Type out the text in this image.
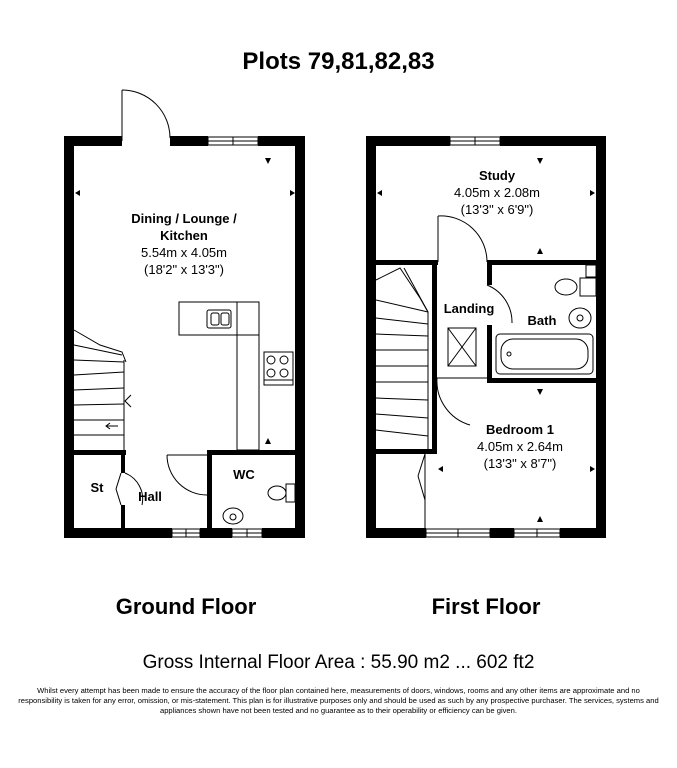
Plots 79,81,82,83
Dining / Lounge /
Kitchen
5.54m x 4.05m
(18'2" x 13'3")
St
Hall
WC
Study
4.05m x 2.08m
(13'3" x 6'9")
Landing
Bath
Bedroom 1
4.05m x 2.64m
(13'3" x 8'7")
Ground Floor	First Floor
Gross Internal Floor Area : 55.90 m2 ... 602 ft2
Whilst every attempt has been made to ensure the accuracy of the floor plan contained here, measurements of doors, windows, rooms and any other items are approximate and no responsibility is taken for any error, omission, or mis-statement. This plan is for illustrative purposes only and should be used as such by any prospective purchaser. The services, systems and appliances shown have not been tested and no guarantee as to their operability or efficiency can be given.
